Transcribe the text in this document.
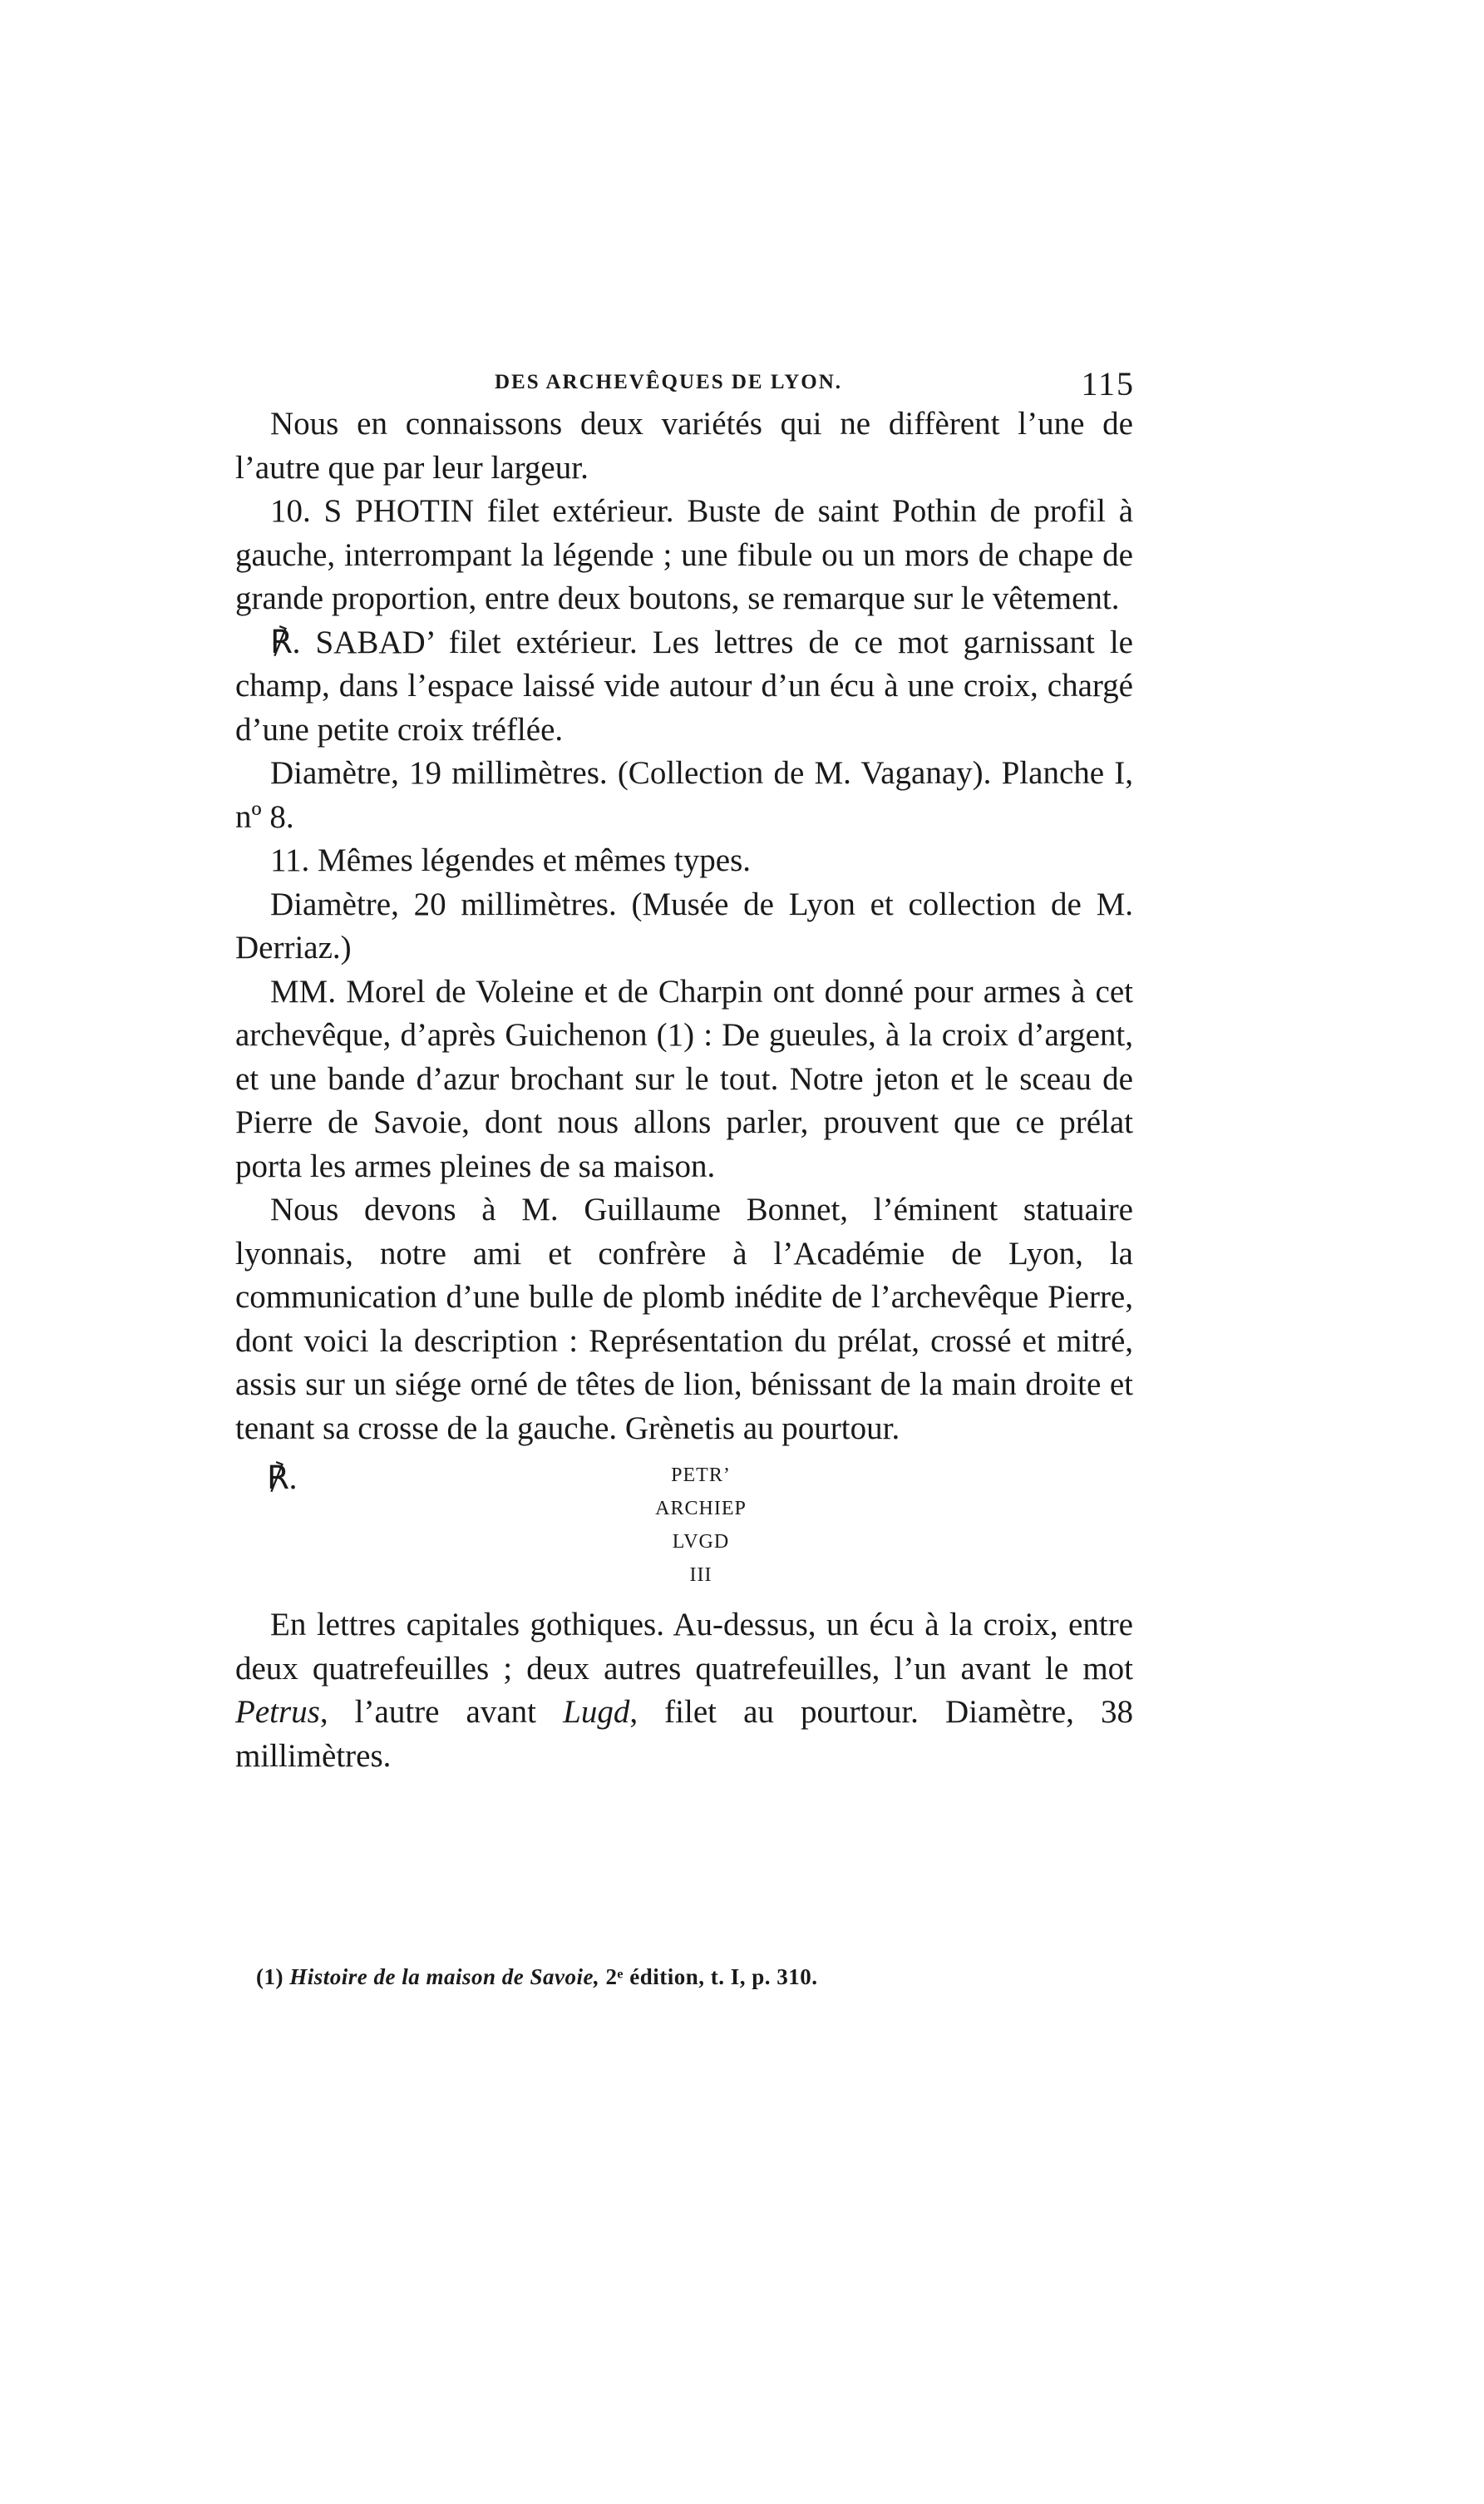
DES ARCHEVÊQUES DE LYON.	115

Nous en connaissons deux variétés qui ne diffèrent l’une de l’autre que par leur largeur.

10. S PHOTIN filet extérieur. Buste de saint Pothin de profil à gauche, interrompant la légende ; une fibule ou un mors de chape de grande proportion, entre deux boutons, se remarque sur le vêtement.

℟. SABAD’ filet extérieur. Les lettres de ce mot garnissant le champ, dans l’espace laissé vide autour d’un écu à une croix, chargé d’une petite croix tréflée.

Diamètre, 19 millimètres. (Collection de M. Vaganay). Planche I, nº 8.

11. Mêmes légendes et mêmes types.

Diamètre, 20 millimètres. (Musée de Lyon et collection de M. Derriaz.)

MM. Morel de Voleine et de Charpin ont donné pour armes à cet archevêque, d’après Guichenon (1) : De gueules, à la croix d’argent, et une bande d’azur brochant sur le tout. Notre jeton et le sceau de Pierre de Savoie, dont nous allons parler, prouvent que ce prélat porta les armes pleines de sa maison.

Nous devons à M. Guillaume Bonnet, l’éminent statuaire lyonnais, notre ami et confrère à l’Académie de Lyon, la communication d’une bulle de plomb inédite de l’archevêque Pierre, dont voici la description : Représentation du prélat, crossé et mitré, assis sur un siége orné de têtes de lion, bénissant de la main droite et tenant sa crosse de la gauche. Grènetis au pourtour.

℟.	PETR’
ARCHIEP
LVGD
III

En lettres capitales gothiques. Au-dessus, un écu à la croix, entre deux quatrefeuilles ; deux autres quatrefeuilles, l’un avant le mot Petrus, l’autre avant Lugd, filet au pourtour. Diamètre, 38 millimètres.

(1) Histoire de la maison de Savoie, 2ᵉ édition, t. I, p. 310.
